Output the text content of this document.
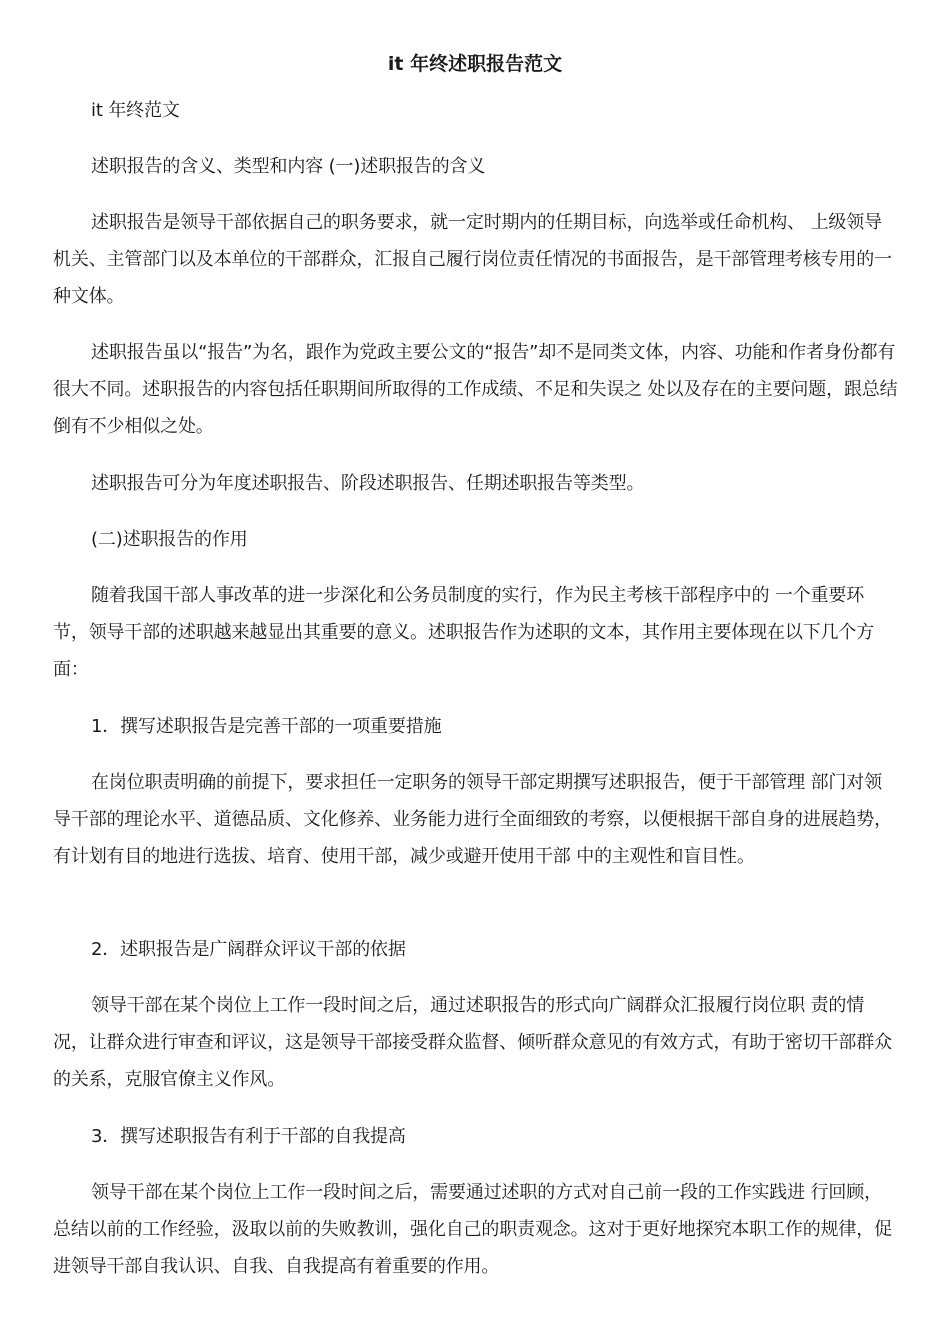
it 年终述职报告范文

it 年终范文

述职报告的含义、类型和内容 (一)述职报告的含义

述职报告是领导干部依据自己的职务要求，就一定时期内的任期目标，向选举或任命机构、 上级领导机关、主管部门以及本单位的干部群众，汇报自己履行岗位责任情况的书面报告，是干部管理考核专用的一种文体。

述职报告虽以“报告”为名，跟作为党政主要公文的“报告”却不是同类文体，内容、功能和作者身份都有很大不同。述职报告的内容包括任职期间所取得的工作成绩、不足和失误之 处以及存在的主要问题，跟总结倒有不少相似之处。

述职报告可分为年度述职报告、阶段述职报告、任期述职报告等类型。

(二)述职报告的作用

随着我国干部人事改革的进一步深化和公务员制度的实行，作为民主考核干部程序中的 一个重要环节，领导干部的述职越来越显出其重要的意义。述职报告作为述职的文本，其作用主要体现在以下几个方面：

1．撰写述职报告是完善干部的一项重要措施

在岗位职责明确的前提下，要求担任一定职务的领导干部定期撰写述职报告，便于干部管理 部门对领导干部的理论水平、道德品质、文化修养、业务能力进行全面细致的考察，以便根据干部自身的进展趋势，有计划有目的地进行选拔、培育、使用干部，减少或避开使用干部 中的主观性和盲目性。

2．述职报告是广阔群众评议干部的依据

领导干部在某个岗位上工作一段时间之后，通过述职报告的形式向广阔群众汇报履行岗位职 责的情况，让群众进行审查和评议，这是领导干部接受群众监督、倾听群众意见的有效方式，有助于密切干部群众的关系，克服官僚主义作风。

3．撰写述职报告有利于干部的自我提高

领导干部在某个岗位上工作一段时间之后，需要通过述职的方式对自己前一段的工作实践进 行回顾，总结以前的工作经验，汲取以前的失败教训，强化自己的职责观念。这对于更好地探究本职工作的规律，促进领导干部自我认识、自我、自我提高有着重要的作用。
